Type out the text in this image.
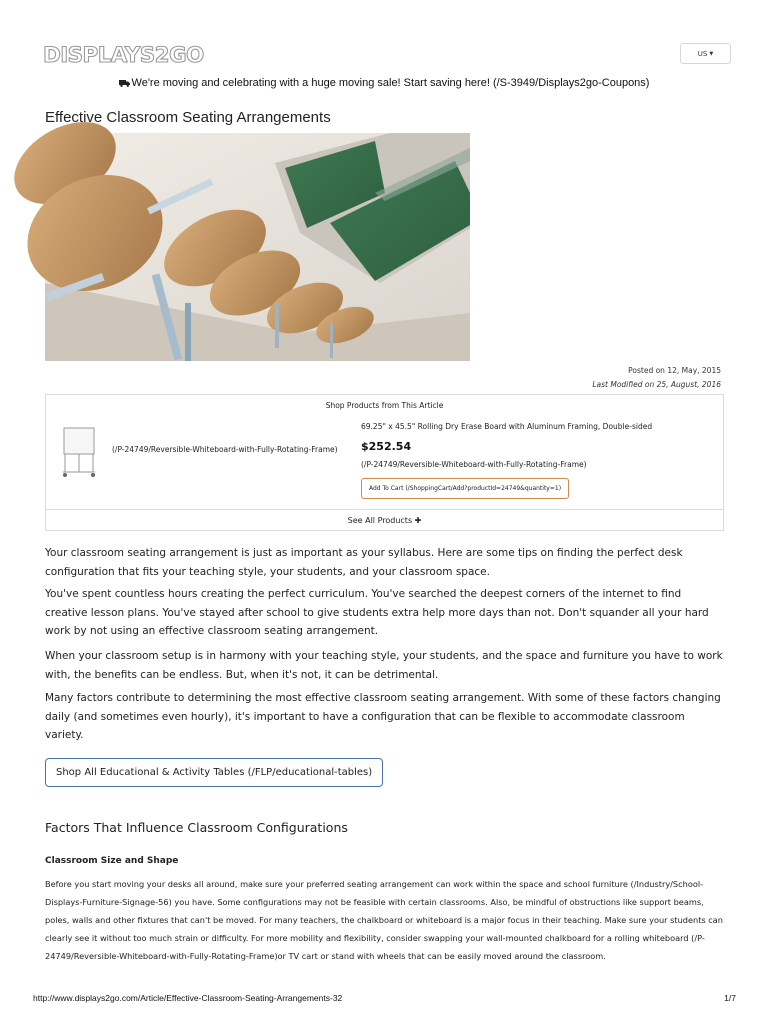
DISPLAYS2GO	US ▼
We're moving and celebrating with a huge moving sale! Start saving here! (/S-3949/Displays2go-Coupons)
Effective Classroom Seating Arrangements
Posted on 12, May, 2015
Last Modified on 25, August, 2016
Shop Products from This Article
(/P-24749/Reversible-Whiteboard-with-Fully-Rotating-Frame)
69.25" x 45.5" Rolling Dry Erase Board with Aluminum Framing, Double-sided
$252.54
(/P-24749/Reversible-Whiteboard-with-Fully-Rotating-Frame)
Add To Cart (/ShoppingCart/Add?productId=24749&quantity=1)
See All Products ✚

Your classroom seating arrangement is just as important as your syllabus. Here are some tips on finding the perfect desk configuration that fits your teaching style, your students, and your classroom space.

You've spent countless hours creating the perfect curriculum. You've searched the deepest corners of the internet to find creative lesson plans. You've stayed after school to give students extra help more days than not. Don't squander all your hard work by not using an effective classroom seating arrangement.

When your classroom setup is in harmony with your teaching style, your students, and the space and furniture you have to work with, the benefits can be endless. But, when it's not, it can be detrimental.

Many factors contribute to determining the most effective classroom seating arrangement. With some of these factors changing daily (and sometimes even hourly), it's important to have a configuration that can be flexible to accommodate classroom variety.

Shop All Educational & Activity Tables (/FLP/educational-tables)
Factors That Influence Classroom Configurations
Classroom Size and Shape

Before you start moving your desks all around, make sure your preferred seating arrangement can work within the space and school furniture (/Industry/School-Displays-Furniture-Signage-56) you have. Some configurations may not be feasible with certain classrooms. Also, be mindful of obstructions like support beams, poles, walls and other fixtures that can't be moved. For many teachers, the chalkboard or whiteboard is a major focus in their teaching. Make sure your students can clearly see it without too much strain or difficulty. For more mobility and flexibility, consider swapping your wall-mounted chalkboard for a rolling whiteboard (/P-24749/Reversible-Whiteboard-with-Fully-Rotating-Frame)or TV cart or stand with wheels that can be easily moved around the classroom.

http://www.displays2go.com/Article/Effective-Classroom-Seating-Arrangements-32	1/7
